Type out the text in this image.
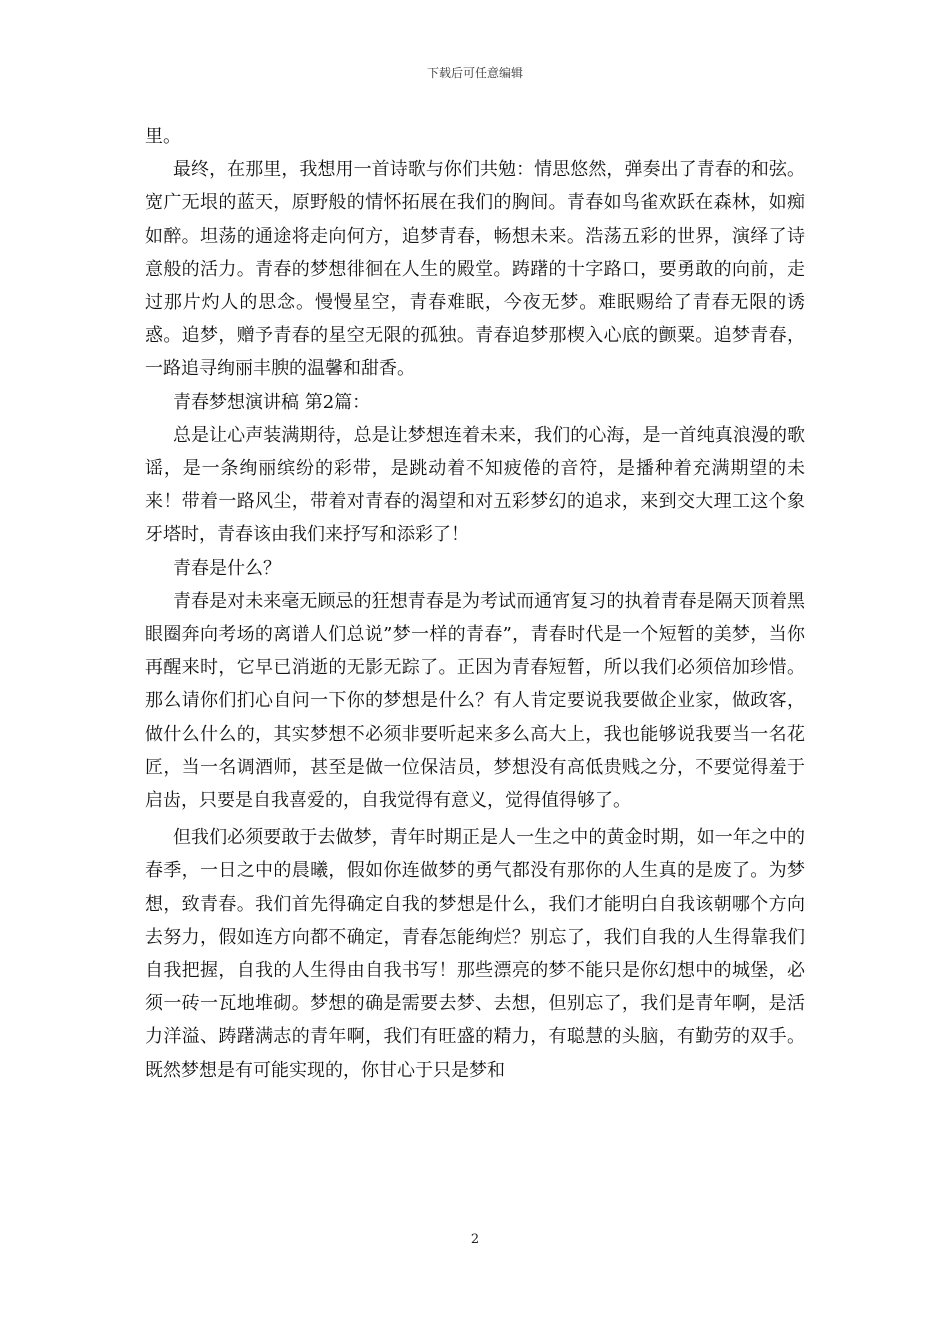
下载后可任意编辑

里。

最终，在那里，我想用一首诗歌与你们共勉：情思悠然，弹奏出了青春的和弦。宽广无垠的蓝天，原野般的情怀拓展在我们的胸间。青春如鸟雀欢跃在森林，如痴如醉。坦荡的通途将走向何方，追梦青春，畅想未来。浩荡五彩的世界，演绎了诗意般的活力。青春的梦想徘徊在人生的殿堂。踌躇的十字路口，要勇敢的向前，走过那片灼人的思念。慢慢星空，青春难眠，今夜无梦。难眠赐给了青春无限的诱惑。追梦，赠予青春的星空无限的孤独。青春追梦那楔入心底的颤粟。追梦青春，一路追寻绚丽丰腴的温馨和甜香。

青春梦想演讲稿 第2篇：

总是让心声装满期待，总是让梦想连着未来，我们的心海，是一首纯真浪漫的歌谣，是一条绚丽缤纷的彩带，是跳动着不知疲倦的音符，是播种着充满期望的未来！带着一路风尘，带着对青春的渴望和对五彩梦幻的追求，来到交大理工这个象牙塔时，青春该由我们来抒写和添彩了！

青春是什么？

青春是对未来毫无顾忌的狂想青春是为考试而通宵复习的执着青春是隔天顶着黑眼圈奔向考场的离谱人们总说”梦一样的青春”，青春时代是一个短暂的美梦，当你再醒来时，它早已消逝的无影无踪了。正因为青春短暂，所以我们必须倍加珍惜。那么请你们扪心自问一下你的梦想是什么？有人肯定要说我要做企业家，做政客，做什么什么的，其实梦想不必须非要听起来多么高大上，我也能够说我要当一名花匠，当一名调酒师，甚至是做一位保洁员，梦想没有高低贵贱之分，不要觉得羞于启齿，只要是自我喜爱的，自我觉得有意义，觉得值得够了。

但我们必须要敢于去做梦，青年时期正是人一生之中的黄金时期，如一年之中的春季，一日之中的晨曦，假如你连做梦的勇气都没有那你的人生真的是废了。为梦想，致青春。我们首先得确定自我的梦想是什么，我们才能明白自我该朝哪个方向去努力，假如连方向都不确定，青春怎能绚烂？别忘了，我们自我的人生得靠我们自我把握，自我的人生得由自我书写！那些漂亮的梦不能只是你幻想中的城堡，必须一砖一瓦地堆砌。梦想的确是需要去梦、去想，但别忘了，我们是青年啊，是活力洋溢、踌躇满志的青年啊，我们有旺盛的精力，有聪慧的头脑，有勤劳的双手。既然梦想是有可能实现的，你甘心于只是梦和

2
